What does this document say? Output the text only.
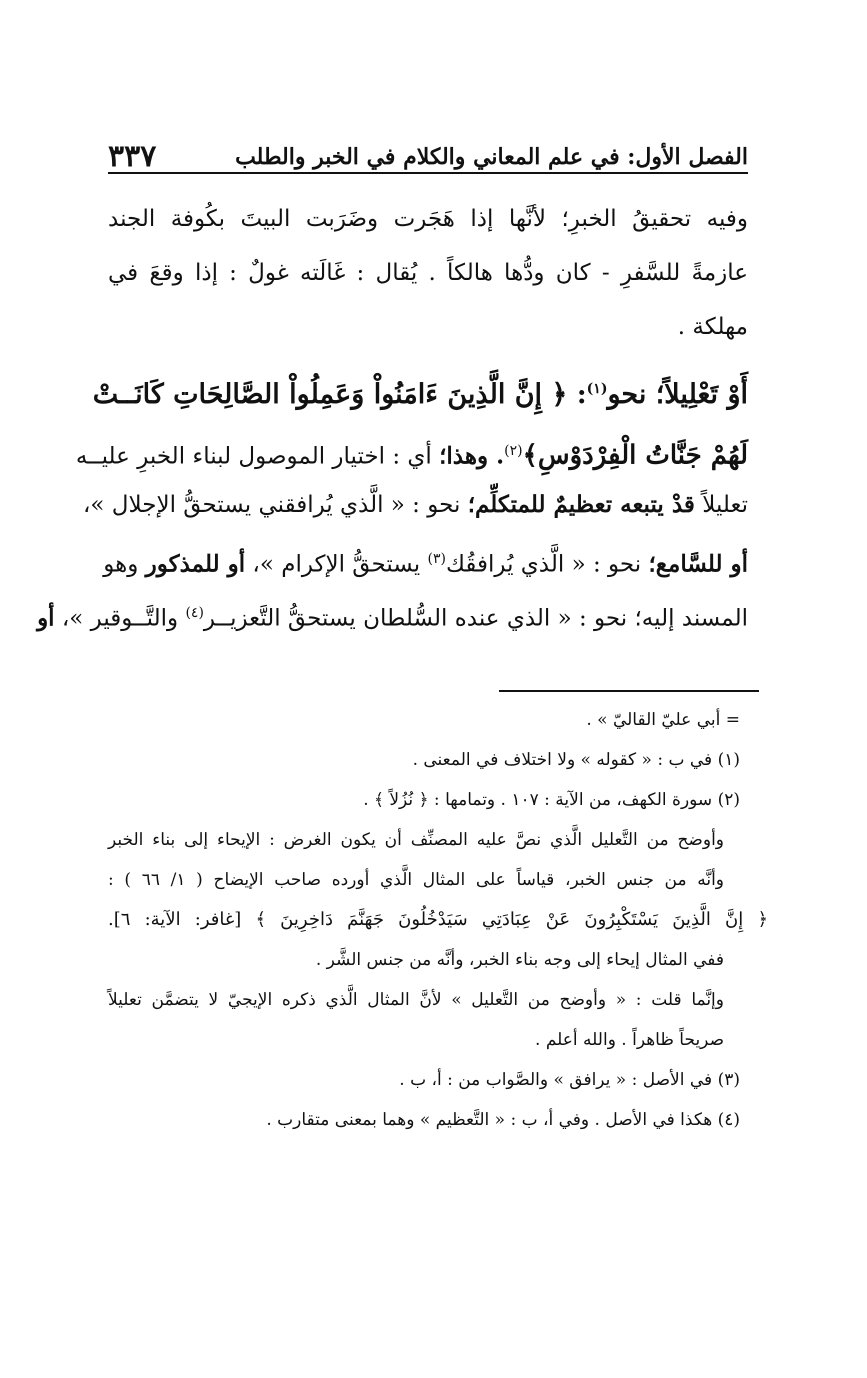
الفصل الأول: في علم المعاني والكلام في الخبر والطلب
٣٣٧
وفيه تحقيقُ الخبرِ؛ لأنَّها إذا هَجَرت وضَرَبت البيتَ بكُوفة الجند
عازمةً للسَّفرِ - كان ودُّها هالكاً . يُقال : غَالَته غولٌ : إذا وقعَ في
مهلكة .
أَوْ تَعْلِيلاً؛ نحو$^{(١)}$: ﴿ إِنَّ الَّذِينَ ءَامَنُواْ وَعَمِلُواْ الصَّالِحَاتِ كَانَــتْ
لَهُمْ جَنَّاتُ الْفِرْدَوْسِ﴾$^{(٢)}$. وهذا؛ أي : اختيار الموصول لبناء الخبرِ عليــه
تعليلاً قدْ يتبعه تعظيمٌ للمتكلِّم؛ نحو : « الَّذي يُرافقني يستحقُّ الإجلال »،
أو للسَّامع؛ نحو : « الَّذي يُرافقُك$^{(٣)}$ يستحقُّ الإكرام »، أو للمذكور وهو
المسند إليه؛ نحو : « الذي عنده السُّلطان يستحقُّ التَّعزيــر$^{(٤)}$ والتَّــوقير »، أو
= أبي عليّ القاليّ » .
(١) في ب : « كقوله » ولا اختلاف في المعنى .
(٢) سورة الكهف، من الآية : ١٠٧ . وتمامها : ﴿ نُزُلاً ﴾ .
وأوضح من التَّعليل الَّذي نصَّ عليه المصنِّف أن يكون الغرض : الإيحاء إلى بناء الخبر
وأنَّه من جنس الخبر، قياساً على المثال الَّذي أورده صاحب الإيضاح ( ١/ ٦٦ ) :
﴿ إِنَّ الَّذِينَ يَسْتَكْبِرُونَ عَنْ عِبَادَتِي سَيَدْخُلُونَ جَهَنَّمَ دَاخِرِينَ ﴾ [غافر: الآية: ٦].
ففي المثال إيحاء إلى وجه بناء الخبر، وأنَّه من جنس الشَّر .
وإنَّما قلت : « وأوضح من التَّعليل » لأنَّ المثال الَّذي ذكره الإيجيّ لا يتضمَّن تعليلاً
صريحاً ظاهراً . والله أعلم .
(٣) في الأصل : « يرافق » والصَّواب من : أ، ب .
(٤) هكذا في الأصل . وفي أ، ب : « التَّعظيم » وهما بمعنى متقارب .
